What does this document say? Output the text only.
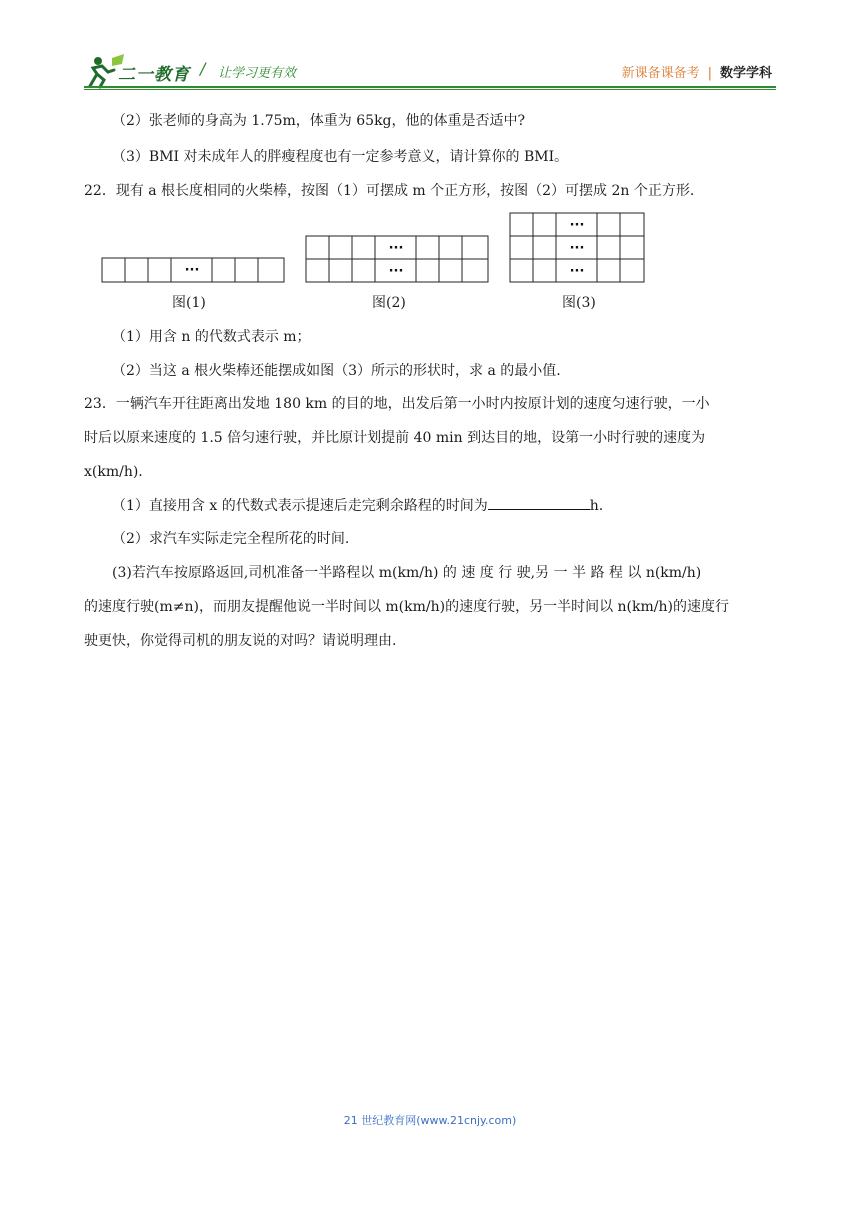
二一教育 / 让学习更有效	新课备课备考 | 数学学科
（2）张老师的身高为 1.75m，体重为 65kg，他的体重是否适中?
（3）BMI 对未成年人的胖瘦程度也有一定参考意义，请计算你的 BMI。
22．现有 a 根长度相同的火柴棒，按图（1）可摆成 m 个正方形，按图（2）可摆成 2n 个正方形.
···
···
···
···
···
···
图(1)	图(2)	图(3)
（1）用含 n 的代数式表示 m；
（2）当这 a 根火柴棒还能摆成如图（3）所示的形状时，求 a 的最小值.
23．一辆汽车开往距离出发地 180 km 的目的地，出发后第一小时内按原计划的速度匀速行驶，一小
时后以原来速度的 1.5 倍匀速行驶，并比原计划提前 40 min 到达目的地，设第一小时行驶的速度为
x(km/h).
（1）直接用含 x 的代数式表示提速后走完剩余路程的时间为	h.
（2）求汽车实际走完全程所花的时间.
(3)若汽车按原路返回,司机准备一半路程以 m(km/h) 的 速 度 行 驶,另 一 半 路 程 以 n(km/h)
的速度行驶(m≠n)，而朋友提醒他说一半时间以 m(km/h)的速度行驶，另一半时间以 n(km/h)的速度行
驶更快，你觉得司机的朋友说的对吗？请说明理由.
21 世纪教育网(www.21cnjy.com)
